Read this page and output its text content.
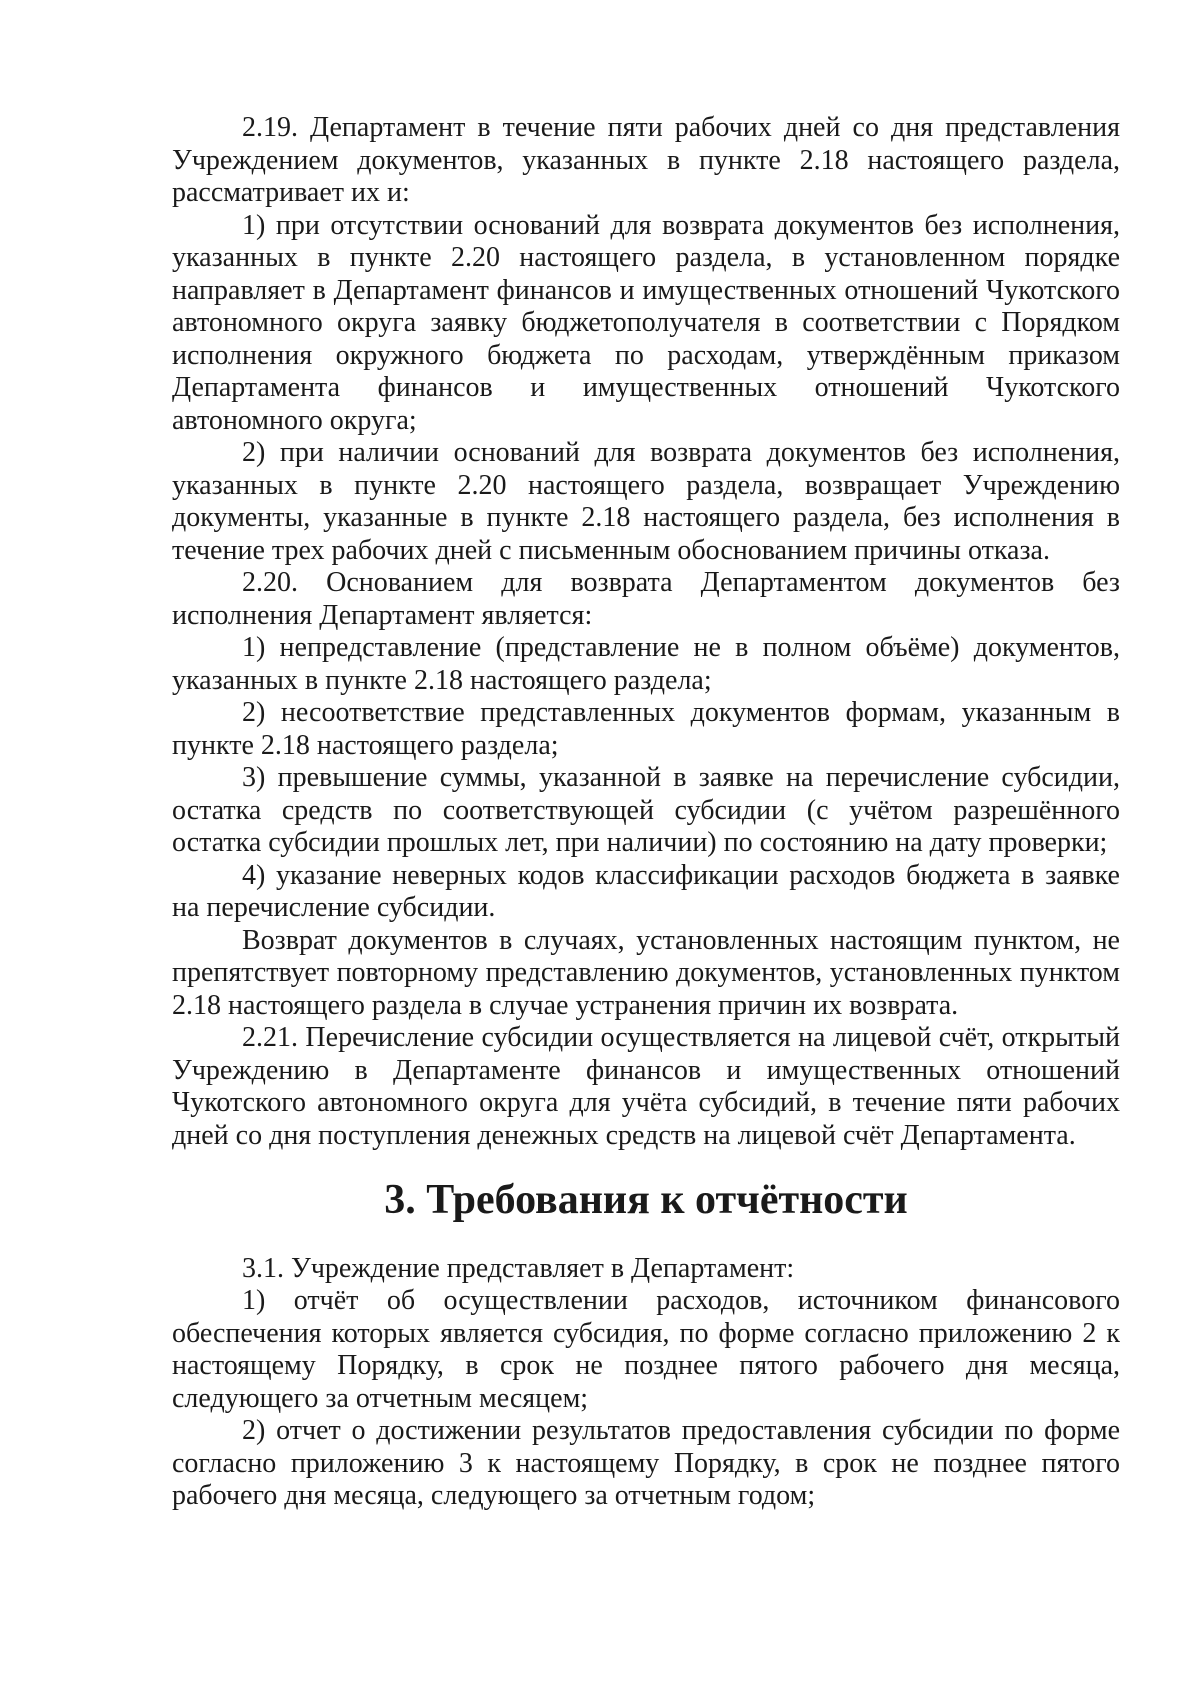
2.19. Департамент в течение пяти рабочих дней со дня представления Учреждением документов, указанных в пункте 2.18 настоящего раздела, рассматривает их и:

1) при отсутствии оснований для возврата документов без исполнения, указанных в пункте 2.20 настоящего раздела, в установленном порядке направляет в Департамент финансов и имущественных отношений Чукотского автономного округа заявку бюджетополучателя в соответствии с Порядком исполнения окружного бюджета по расходам, утверждённым приказом Департамента финансов и имущественных отношений Чукотского автономного округа;

2) при наличии оснований для возврата документов без исполнения, указанных в пункте 2.20 настоящего раздела, возвращает Учреждению документы, указанные в пункте 2.18 настоящего раздела, без исполнения в течение трех рабочих дней с письменным обоснованием причины отказа.

2.20. Основанием для возврата Департаментом документов без исполнения Департамент является:

1) непредставление (представление не в полном объёме) документов, указанных в пункте 2.18 настоящего раздела;

2) несоответствие представленных документов формам, указанным в пункте 2.18 настоящего раздела;

3) превышение суммы, указанной в заявке на перечисление субсидии, остатка средств по соответствующей субсидии (с учётом разрешённого остатка субсидии прошлых лет, при наличии) по состоянию на дату проверки;

4) указание неверных кодов классификации расходов бюджета в заявке на перечисление субсидии.

Возврат документов в случаях, установленных настоящим пунктом, не препятствует повторному представлению документов, установленных пунктом 2.18 настоящего раздела в случае устранения причин их возврата.

2.21. Перечисление субсидии осуществляется на лицевой счёт, открытый Учреждению в Департаменте финансов и имущественных отношений Чукотского автономного округа для учёта субсидий, в течение пяти рабочих дней со дня поступления денежных средств на лицевой счёт Департамента.

3. Требования к отчётности

3.1. Учреждение представляет в Департамент:

1) отчёт об осуществлении расходов, источником финансового обеспечения которых является субсидия, по форме согласно приложению 2 к настоящему Порядку, в срок не позднее пятого рабочего дня месяца, следующего за отчетным месяцем;

2) отчет о достижении результатов предоставления субсидии по форме согласно приложению 3 к настоящему Порядку, в срок не позднее пятого рабочего дня месяца, следующего за отчетным годом;
